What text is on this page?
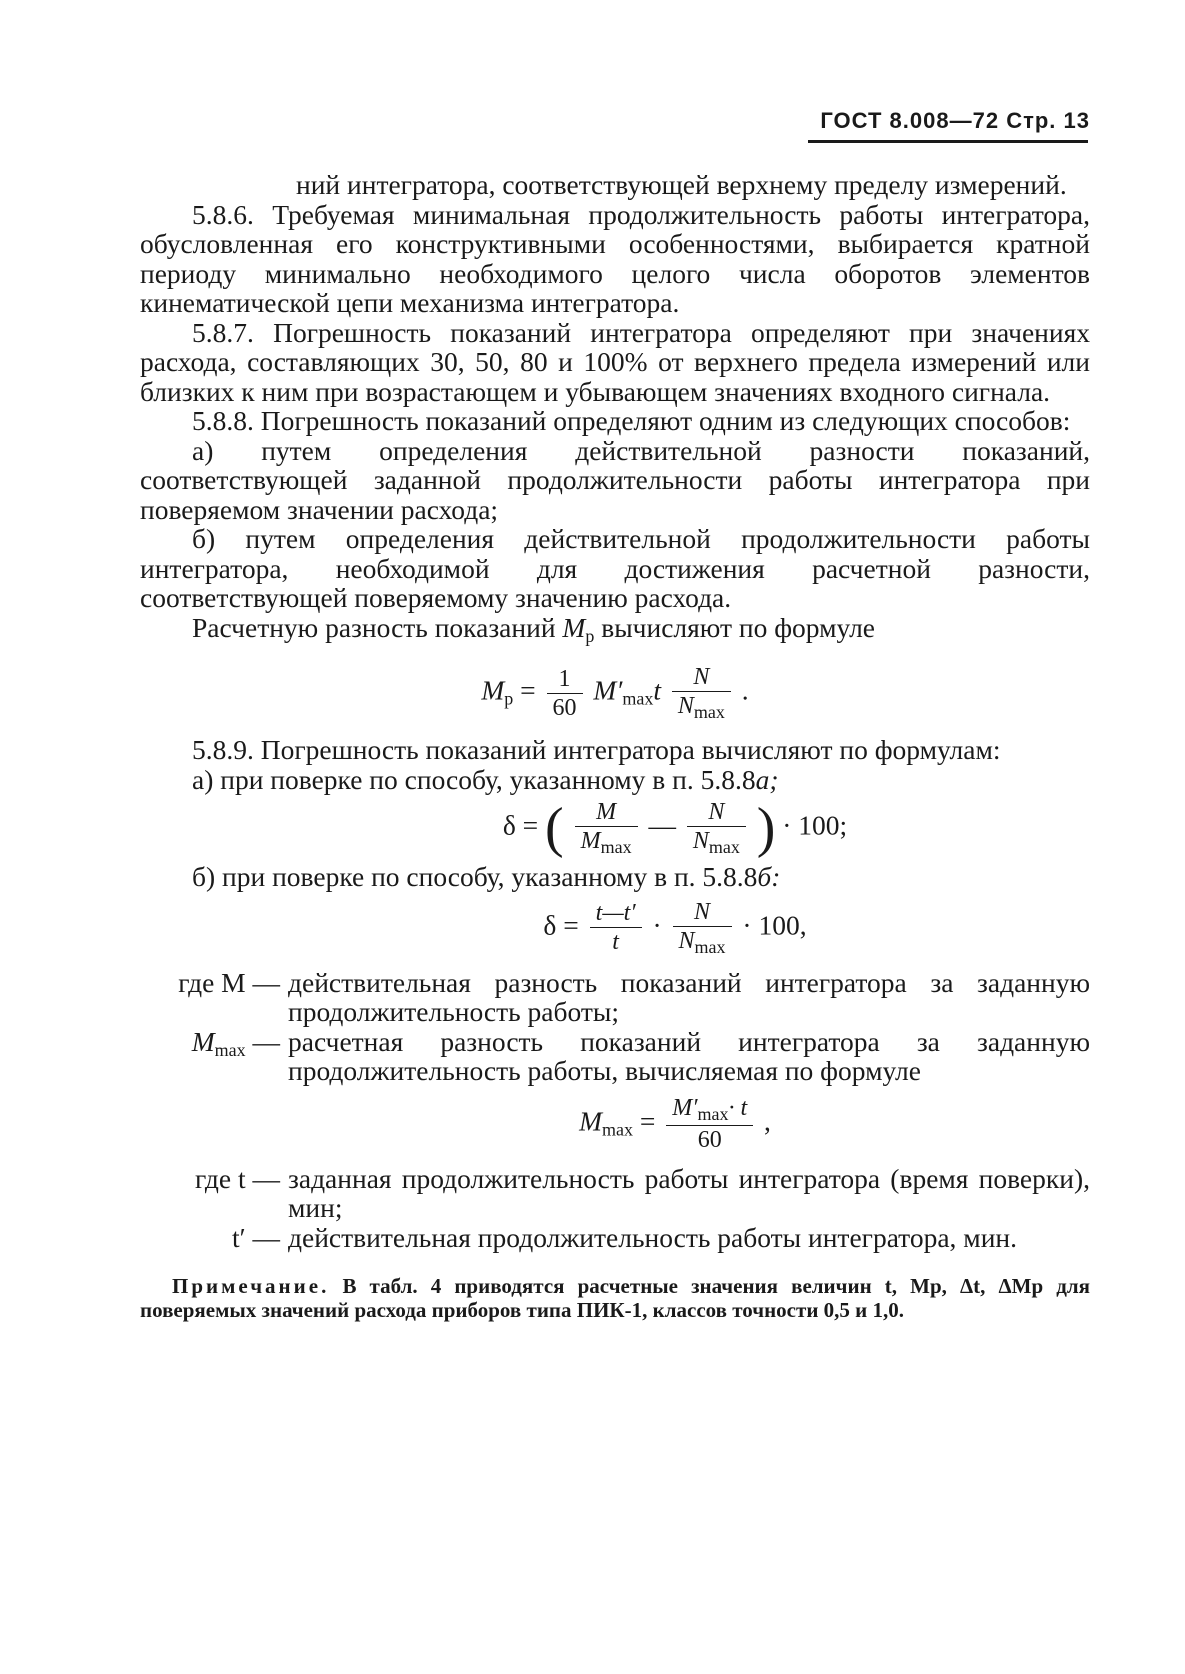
ГОСТ 8.008—72 Стр. 13

ний интегратора, соответствующей верхнему пределу измерений.

5.8.6. Требуемая минимальная продолжительность работы интегратора, обусловленная его конструктивными особенностями, выбирается кратной периоду минимально необходимого целого числа оборотов элементов кинематической цепи механизма интегратора.

5.8.7. Погрешность показаний интегратора определяют при значениях расхода, составляющих 30, 50, 80 и 100% от верхнего предела измерений или близких к ним при возрастающем и убывающем значениях входного сигнала.

5.8.8. Погрешность показаний определяют одним из следующих способов:

а) путем определения действительной разности показаний, соответствующей заданной продолжительности работы интегратора при поверяемом значении расхода;

б) путем определения действительной продолжительности работы интегратора, необходимой для достижения расчетной разности, соответствующей поверяемому значению расхода.

Расчетную разность показаний $M_р$ вычисляют по формуле

$M_р = \frac{1}{60} M'_{max}t$	N
$N_{max}$
.

5.8.9. Погрешность показаний интегратора вычисляют по формулам:

а) при поверке по способу, указанному в п. 5.8.8а;

δ = (	M
$M_{max}$
—	N
$N_{max}$ ) · 100;

б) при поверке по способу, указанному в п. 5.8.8б:

$\delta = \frac{t—t'}{t}$ ·	N
$N_{max}$
· 100,
где M — действительная разность показаний интегратора за заданную продолжительность работы;

$M_{max}$ — расчетная разность показаний интегратора за заданную продолжительность работы, вычисляемая по формуле

$M_{max} = M'_{max}\cdot t$
60
,
где t — заданная продолжительность работы интегратора (время поверки), мин;

t′ — действительная продолжительность работы интегратора, мин.

Примечание. В табл. 4 приводятся расчетные значения величин t, Mр, Δt, ΔMр для поверяемых значений расхода приборов типа ПИК-1, классов точности 0,5 и 1,0.
